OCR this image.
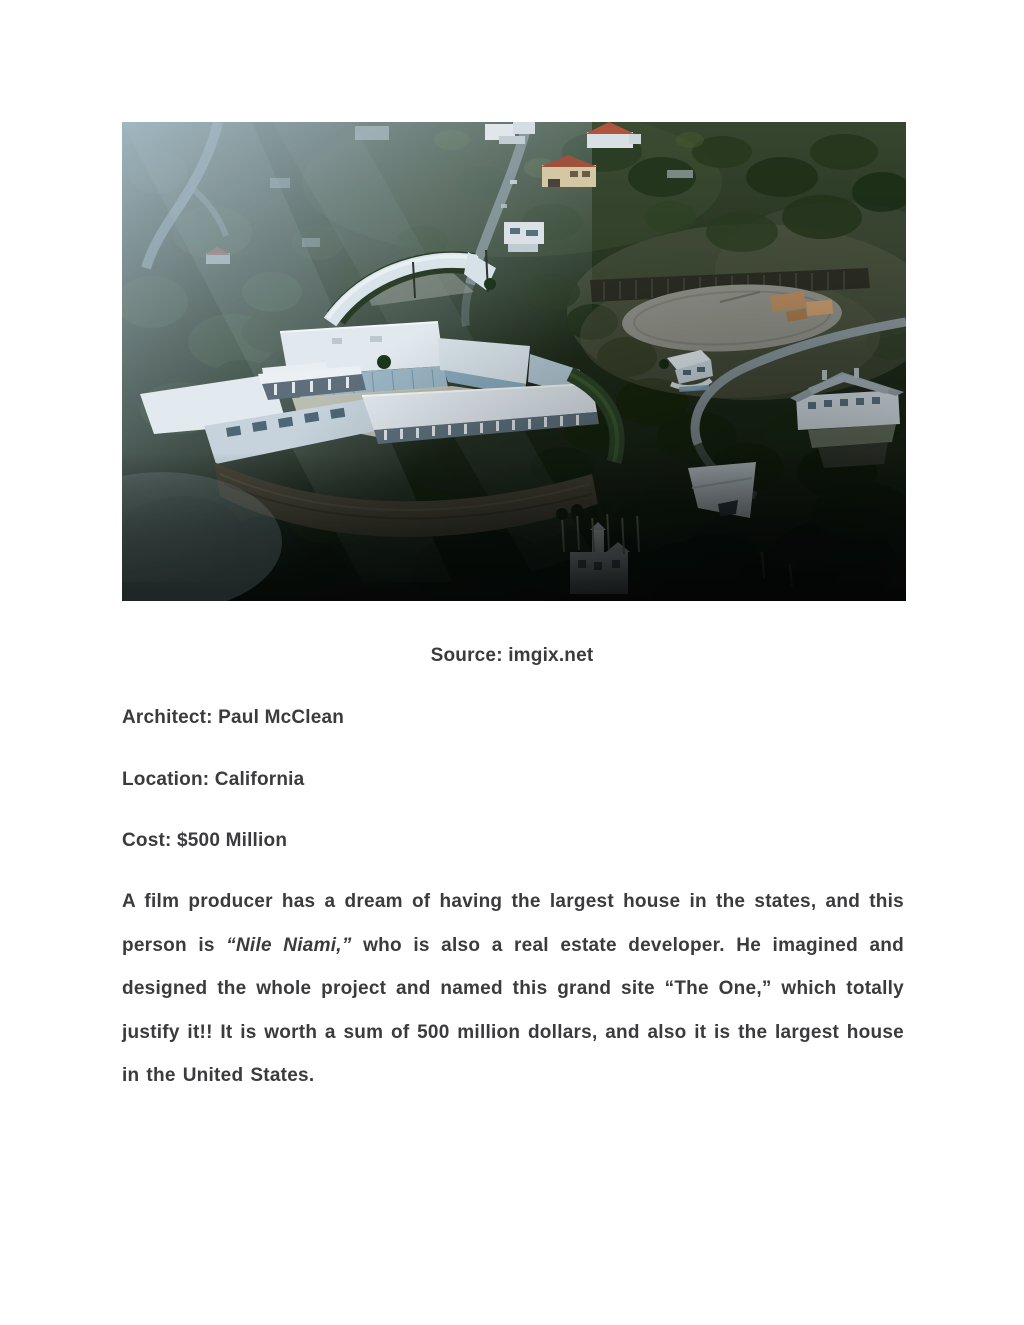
Source: imgix.net
Architect: Paul McClean
Location: California
Cost: $500 Million

A film producer has a dream of having the largest house in the states, and this person is “Nile Niami,” who is also a real estate developer. He imagined and designed the whole project and named this grand site “The One,” which totally justify it!! It is worth a sum of 500 million dollars, and also it is the largest house in the United States.
